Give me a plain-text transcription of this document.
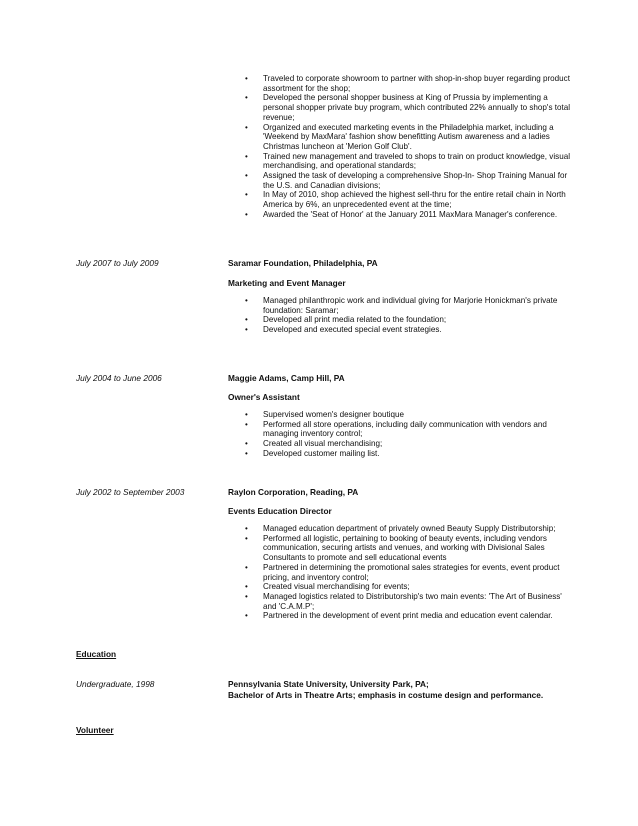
• Traveled to corporate showroom to partner with shop-in-shop buyer regarding product assortment for the shop;
• Developed the personal shopper business at King of Prussia by implementing a personal shopper private buy program, which contributed 22% annually to shop's total revenue;
• Organized and executed marketing events in the Philadelphia market, including a 'Weekend by MaxMara' fashion show benefitting Autism awareness and a ladies Christmas luncheon at 'Merion Golf Club'.
• Trained new management and traveled to shops to train on product knowledge, visual merchandising, and operational standards;
• Assigned the task of developing a comprehensive Shop-In- Shop Training Manual for the U.S. and Canadian divisions;
• In May of 2010, shop achieved the highest sell-thru for the entire retail chain in North America by 6%, an unprecedented event at the time;
• Awarded the 'Seat of Honor' at the January 2011 MaxMara Manager's conference.
July 2007 to July 2009	Saramar Foundation, Philadelphia, PA
Marketing and Event Manager
• Managed philanthropic work and individual giving for Marjorie Honickman's private foundation: Saramar;
• Developed all print media related to the foundation;
• Developed and executed special event strategies.
July 2004 to June 2006	Maggie Adams, Camp Hill, PA
Owner's Assistant
• Supervised women's designer boutique
• Performed all store operations, including daily communication with vendors and managing inventory control;
• Created all visual merchandising;
• Developed customer mailing list.
July 2002 to September 2003	Raylon Corporation, Reading, PA
Events Education Director
• Managed education department of privately owned Beauty Supply Distributorship;
• Performed all logistic, pertaining to booking of beauty events, including vendors communication, securing artists and venues, and working with Divisional Sales Consultants to promote and sell educational events
• Partnered in determining the promotional sales strategies for events, event product pricing, and inventory control;
• Created visual merchandising for events;
• Managed logistics related to Distributorship's two main events: 'The Art of Business' and 'C.A.M.P';
• Partnered in the development of event print media and education event calendar.
Education
Undergraduate, 1998	Pennsylvania State University, University Park, PA;
Bachelor of Arts in Theatre Arts; emphasis in costume design and performance.
Volunteer
